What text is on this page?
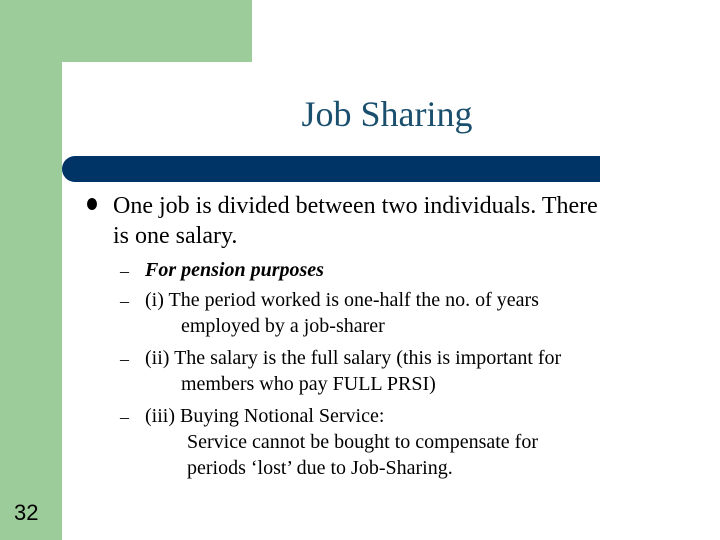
Job Sharing
One job is divided between two individuals. There
is one salary.
– For pension purposes
– (i) The period worked is one-half the no. of years
employed by a job-sharer
– (ii) The salary is the full salary (this is important for
members who pay FULL PRSI)
– (iii) Buying Notional Service:
Service cannot be bought to compensate for
periods ‘lost’ due to Job-Sharing.
32
